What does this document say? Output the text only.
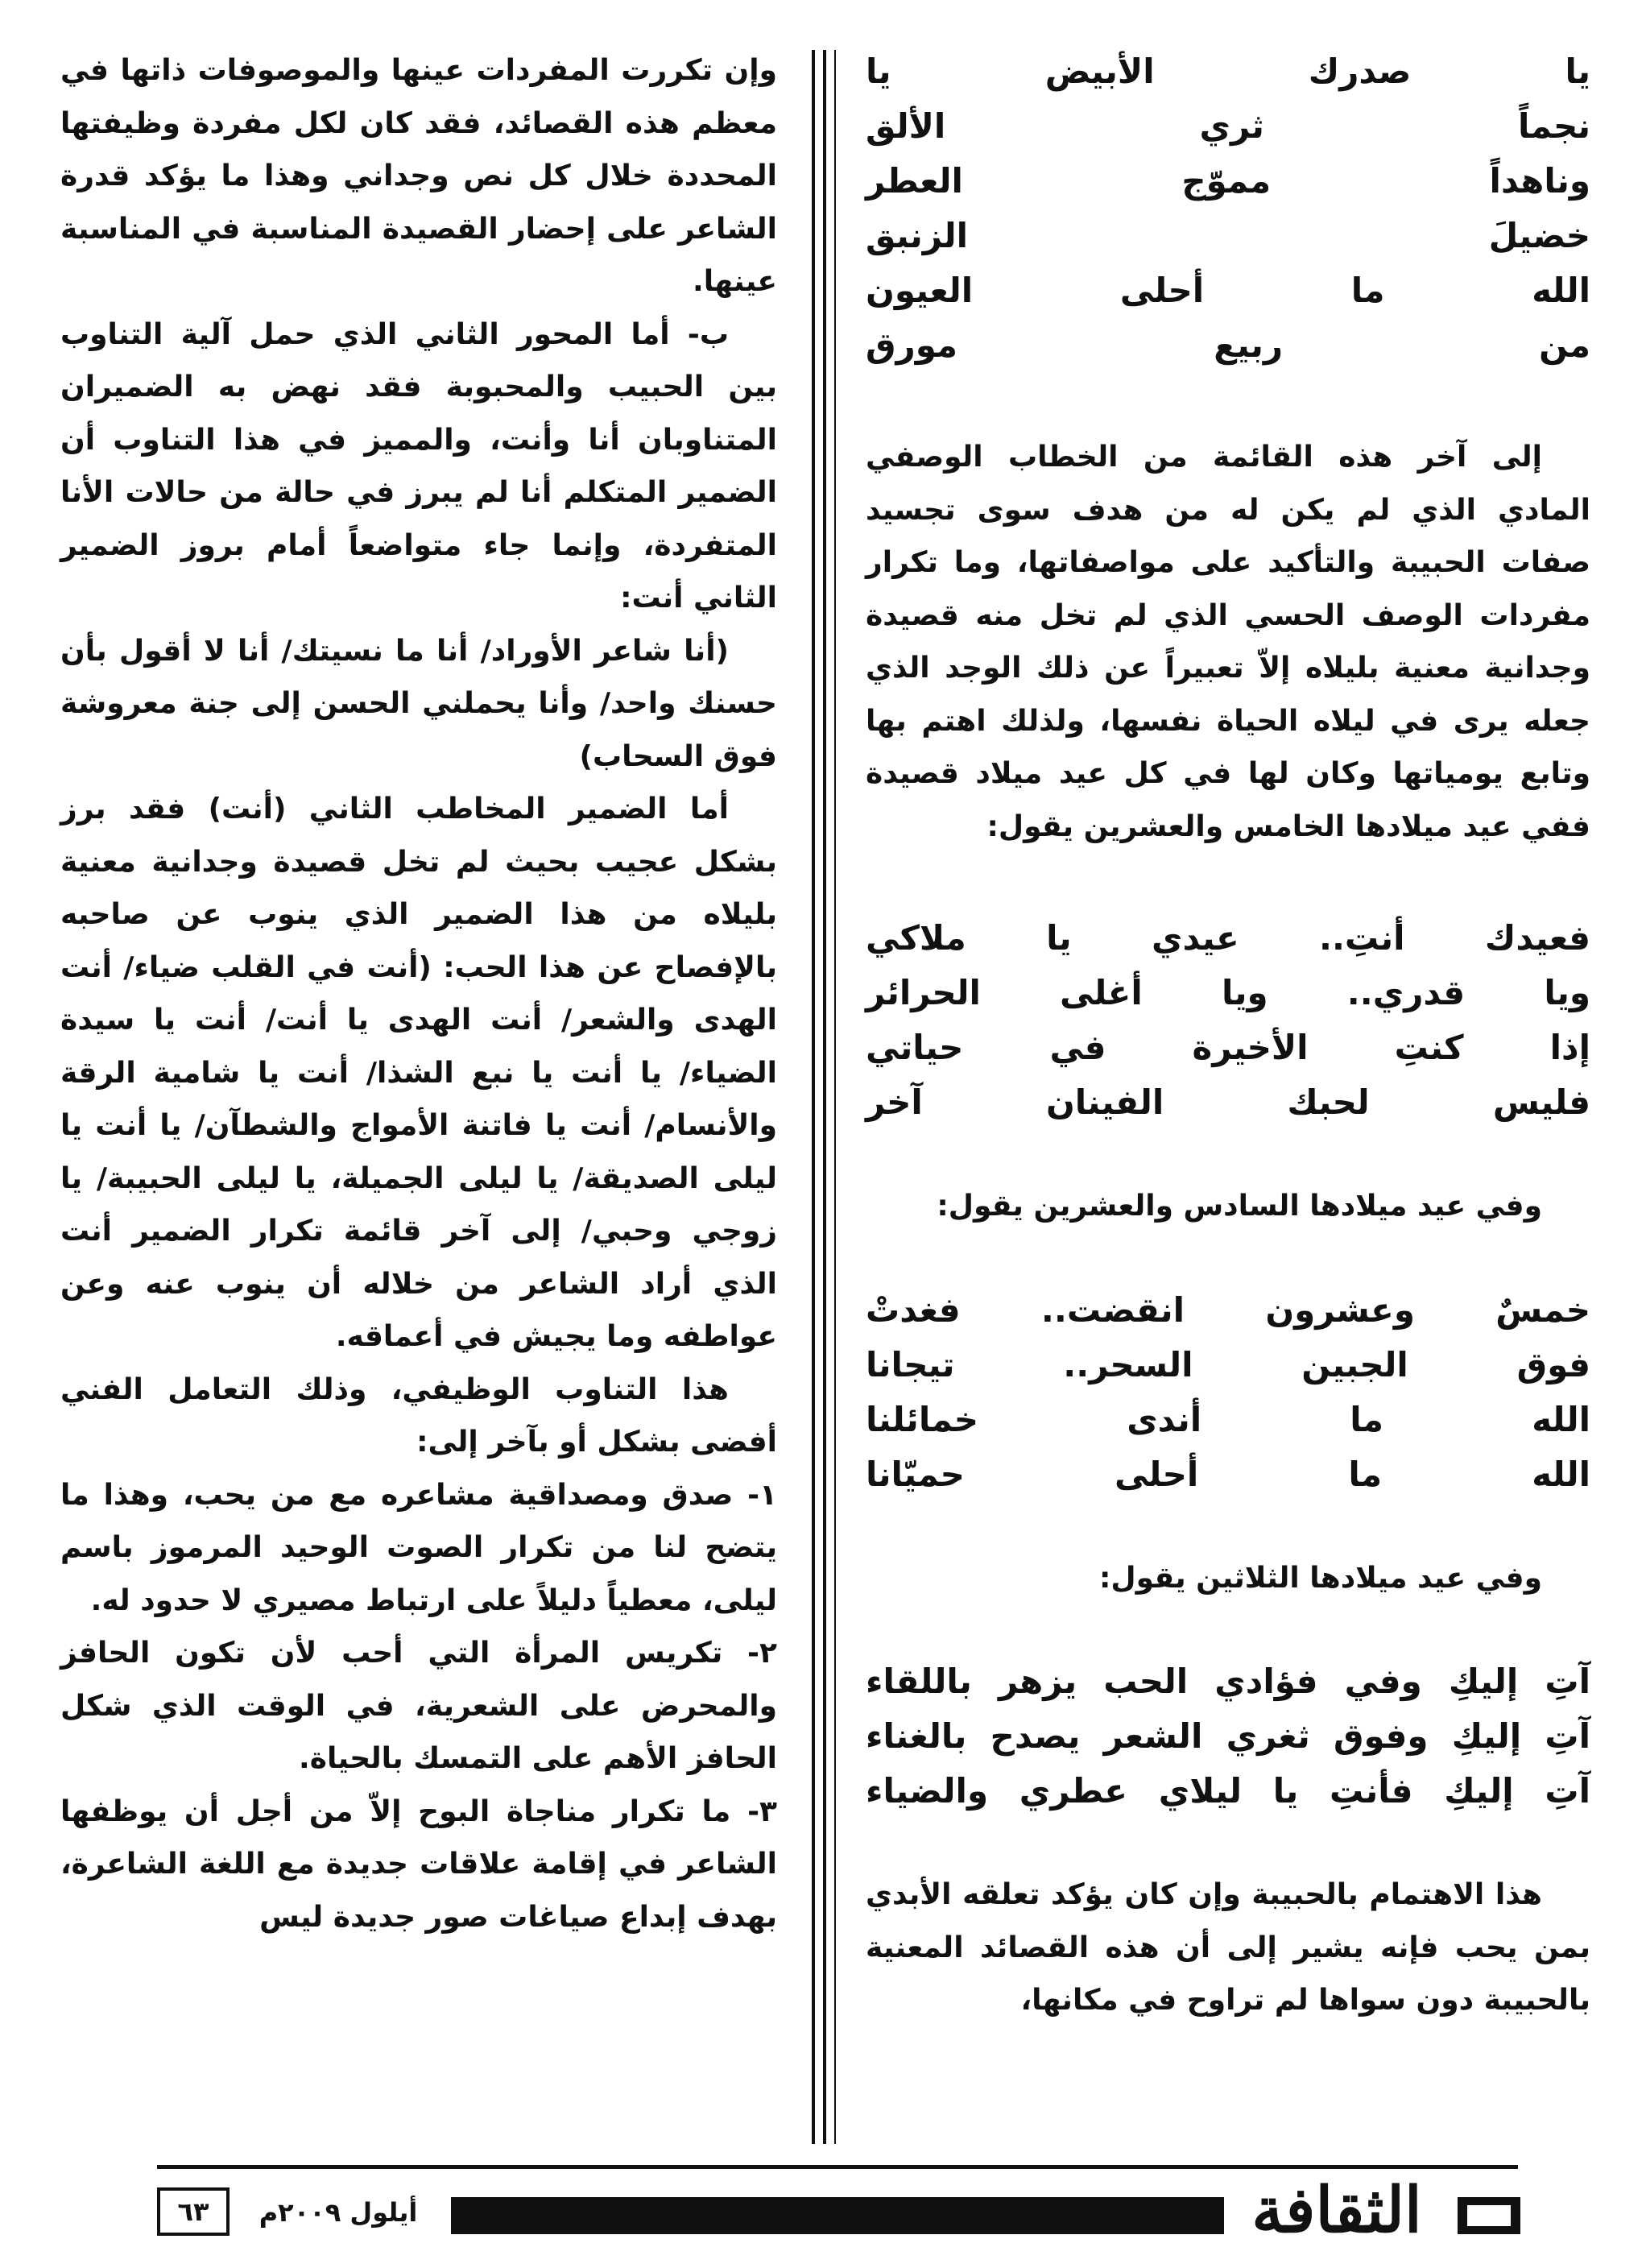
يا صدرك الأبيض يا
نجماً ثري الألق
وناهداً مموّج العطر
خضيلَ الزنبق
الله ما أحلى العيون
من ربيع مورق

إلى آخر هذه القائمة من الخطاب الوصفي المادي الذي لم يكن له من هدف سوى تجسيد صفات الحبيبة والتأكيد على مواصفاتها، وما تكرار مفردات الوصف الحسي الذي لم تخل منه قصيدة وجدانية معنية بليلاه إلاّ تعبيراً عن ذلك الوجد الذي جعله يرى في ليلاه الحياة نفسها، ولذلك اهتم بها وتابع يومياتها وكان لها في كل عيد ميلاد قصيدة ففي عيد ميلادها الخامس والعشرين يقول:

فعيدك أنتِ.. عيدي يا ملاكي
ويا قدري.. ويا أغلى الحرائر
إذا كنتِ الأخيرة في حياتي
فليس لحبك الفينان آخر

وفي عيد ميلادها السادس والعشرين يقول:

خمسٌ وعشرون انقضت.. فغدتْ
فوق الجبين السحر.. تيجانا
الله ما أندى خمائلنا
الله ما أحلى حميّانا

وفي عيد ميلادها الثلاثين يقول:

آتِ إليكِ وفي فؤادي الحب يزهر باللقاء
آتِ إليكِ وفوق ثغري الشعر يصدح بالغناء
آتِ إليكِ فأنتِ يا ليلاي عطري والضياء

هذا الاهتمام بالحبيبة وإن كان يؤكد تعلقه الأبدي بمن يحب فإنه يشير إلى أن هذه القصائد المعنية بالحبيبة دون سواها لم تراوح في مكانها،

وإن تكررت المفردات عينها والموصوفات ذاتها في معظم هذه القصائد، فقد كان لكل مفردة وظيفتها المحددة خلال كل نص وجداني وهذا ما يؤكد قدرة الشاعر على إحضار القصيدة المناسبة في المناسبة عينها.

ب- أما المحور الثاني الذي حمل آلية التناوب بين الحبيب والمحبوبة فقد نهض به الضميران المتناوبان أنا وأنت، والمميز في هذا التناوب أن الضمير المتكلم أنا لم يبرز في حالة من حالات الأنا المتفردة، وإنما جاء متواضعاً أمام بروز الضمير الثاني أنت:

(أنا شاعر الأوراد/ أنا ما نسيتك/ أنا لا أقول بأن حسنك واحد/ وأنا يحملني الحسن إلى جنة معروشة فوق السحاب)

أما الضمير المخاطب الثاني (أنت) فقد برز بشكل عجيب بحيث لم تخل قصيدة وجدانية معنية بليلاه من هذا الضمير الذي ينوب عن صاحبه بالإفصاح عن هذا الحب: (أنت في القلب ضياء/ أنت الهدى والشعر/ أنت الهدى يا أنت/ أنت يا سيدة الضياء/ يا أنت يا نبع الشذا/ أنت يا شامية الرقة والأنسام/ أنت يا فاتنة الأمواج والشطآن/ يا أنت يا ليلى الصديقة/ يا ليلى الجميلة، يا ليلى الحبيبة/ يا زوجي وحبي/ إلى آخر قائمة تكرار الضمير أنت الذي أراد الشاعر من خلاله أن ينوب عنه وعن عواطفه وما يجيش في أعماقه.

هذا التناوب الوظيفي، وذلك التعامل الفني أفضى بشكل أو بآخر إلى:

١- صدق ومصداقية مشاعره مع من يحب، وهذا ما يتضح لنا من تكرار الصوت الوحيد المرموز باسم ليلى، معطياً دليلاً على ارتباط مصيري لا حدود له.

٢- تكريس المرأة التي أحب لأن تكون الحافز والمحرض على الشعرية، في الوقت الذي شكل الحافز الأهم على التمسك بالحياة.

٣- ما تكرار مناجاة البوح إلاّ من أجل أن يوظفها الشاعر في إقامة علاقات جديدة مع اللغة الشاعرة، بهدف إبداع صياغات صور جديدة ليس

الثقافة
أيلول ٢٠٠٩م
٦٣
